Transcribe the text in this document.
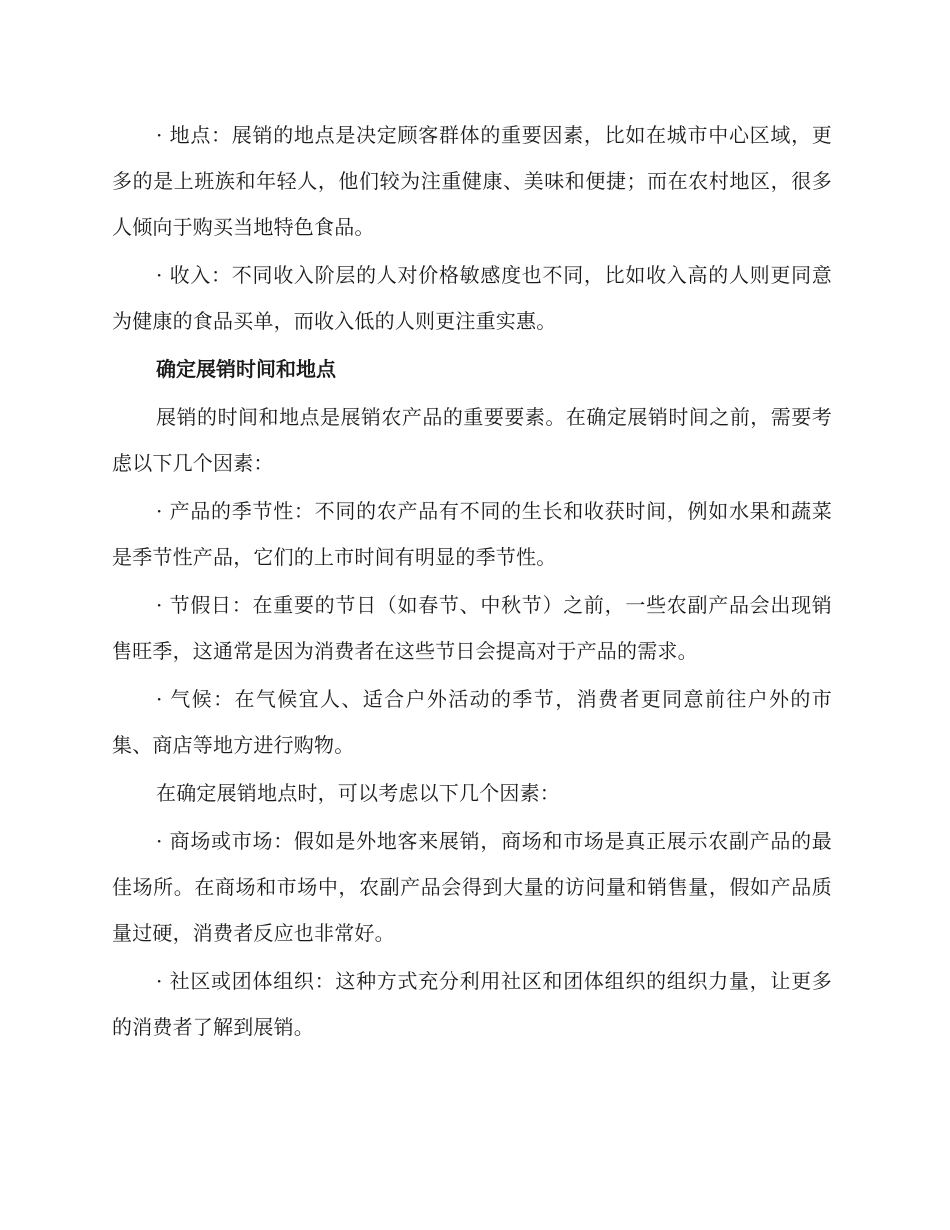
· 地点：展销的地点是决定顾客群体的重要因素，比如在城市中心区域，更多的是上班族和年轻人，他们较为注重健康、美味和便捷；而在农村地区，很多人倾向于购买当地特色食品。

· 收入：不同收入阶层的人对价格敏感度也不同，比如收入高的人则更同意为健康的食品买单，而收入低的人则更注重实惠。

确定展销时间和地点

展销的时间和地点是展销农产品的重要要素。在确定展销时间之前，需要考虑以下几个因素：

· 产品的季节性：不同的农产品有不同的生长和收获时间，例如水果和蔬菜是季节性产品，它们的上市时间有明显的季节性。

· 节假日：在重要的节日（如春节、中秋节）之前，一些农副产品会出现销售旺季，这通常是因为消费者在这些节日会提高对于产品的需求。

· 气候：在气候宜人、适合户外活动的季节，消费者更同意前往户外的市集、商店等地方进行购物。

在确定展销地点时，可以考虑以下几个因素：

· 商场或市场：假如是外地客来展销，商场和市场是真正展示农副产品的最佳场所。在商场和市场中，农副产品会得到大量的访问量和销售量，假如产品质量过硬，消费者反应也非常好。

· 社区或团体组织：这种方式充分利用社区和团体组织的组织力量，让更多的消费者了解到展销。
